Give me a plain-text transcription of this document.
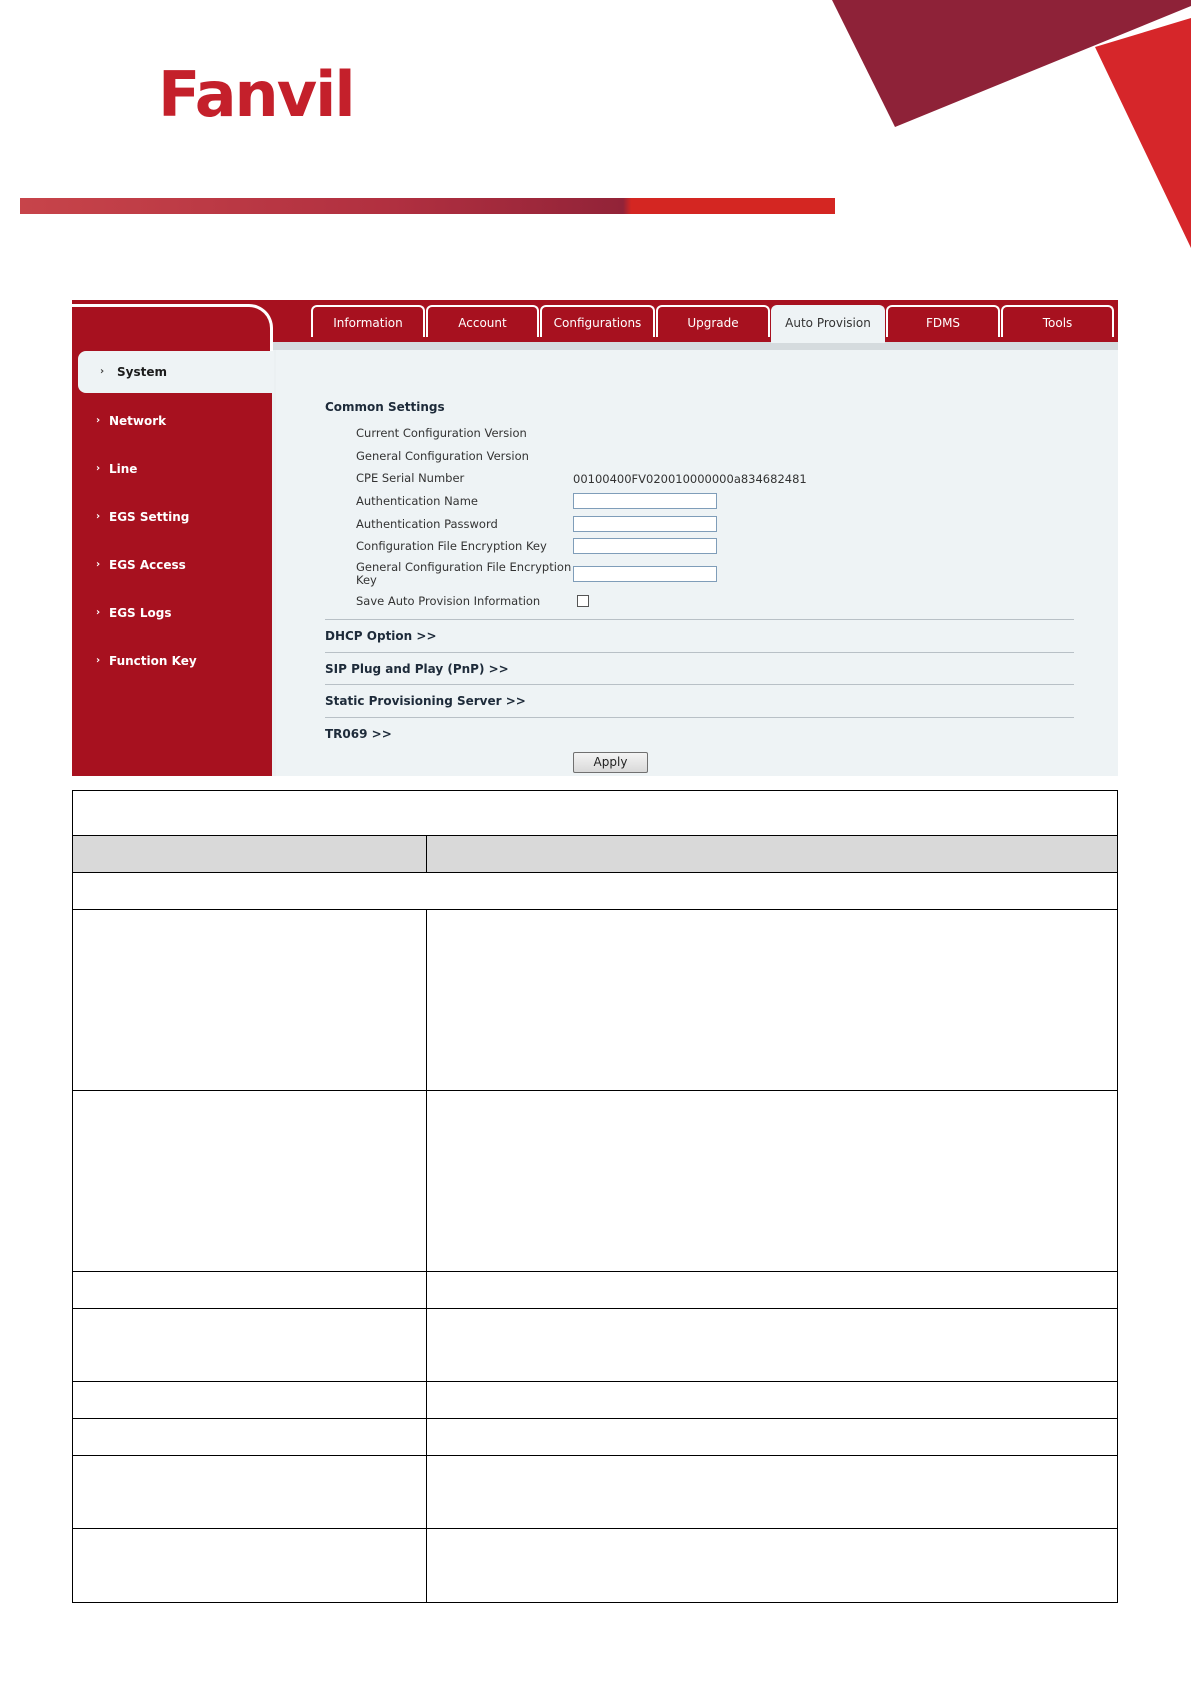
Fanvil
Information	Account	Configurations	Upgrade	Auto Provision	FDMS	Tools
› System
› Network
› Line
› EGS Setting
› EGS Access
› EGS Logs
› Function Key
Common Settings
Current Configuration Version
General Configuration Version
CPE Serial Number	00100400FV020010000000a834682481
Authentication Name
Authentication Password
Configuration File Encryption Key
General Configuration File Encryption
Key
Save Auto Provision Information
DHCP Option >>
SIP Plug and Play (PnP) >>
Static Provisioning Server >>
TR069 >>
Apply
